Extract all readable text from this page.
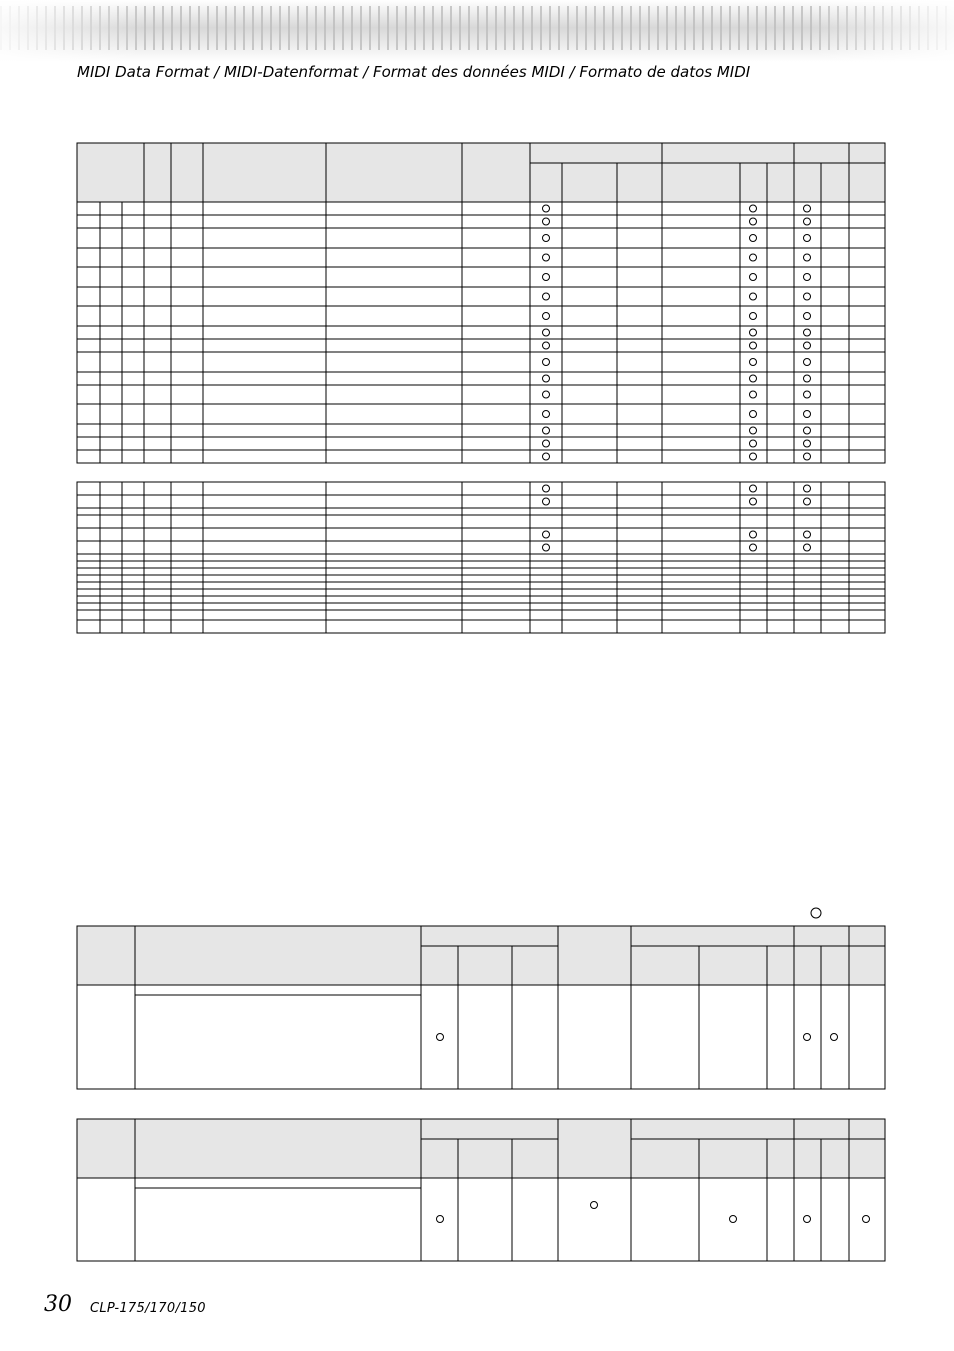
MIDI Data Format / MIDI-Datenformat / Format des données MIDI / Formato de datos MIDI
30 CLP-175/170/150
